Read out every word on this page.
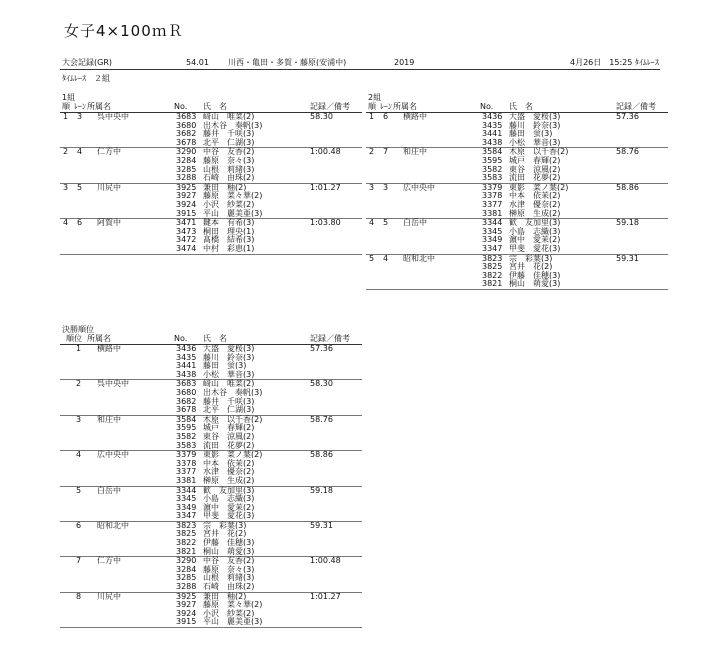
女子4×100ｍＲ
大会記録(GR)	54.01 川西・亀田・多賀・藤原(安浦中)	2019	4月26日　15:25 ﾀｲﾑﾚｰｽ
ﾀｲﾑﾚｰｽ　２組
1組
順 ﾚｰﾝ 所属名	No. 氏　名	記録／備考
1 3 呉中央中	58.30
3683 﨑山　唯菜(2)
3680 出木谷　奏帆(3)
3682 藤井　千咲(3)
3678 北平　仁湖(3)
2 4 仁方中	1:00.48
3290 中谷　友香(2)
3284 藤原　奈々(3)
3285 山根　莉緒(3)
3288 石崎　由珠(2)
3 5 川尻中	1:01.27
3925 兼田　釉(2)
3927 藤原　菜々華(2)
3924 小沢　紗菜(2)
3915 平山　麗美亜(3)
4 6 阿賀中	1:03.80
3471 鍵本　有希(3)
3473 桐田　理央(1)
3472 髙橋　結希(3)
3474 中村　彩恵(1)
2組
順 ﾚｰﾝ 所属名	No. 氏　名	記録／備考
1 6 横路中	57.36
3436 大盛　愛桜(3)
3435 藤川　鈴奈(3)
3441 藤田　蛍(3)
3438 小松　華音(3)
2 7 和庄中	58.76
3584 木原　以千香(2)
3595 城戸　春輝(2)
3582 東谷　涼風(2)
3583 流田　花夢(2)
3 3 広中央中	58.86
3379 東影　菜ノ葉(2)
3378 中本　依茉(2)
3377 水津　優奈(2)
3381 榊原　生成(2)
4 5 白岳中	59.18
3344 歓　友加里(3)
3345 小島　志織(3)
3349 濵中　愛茉(2)
3347 甲斐　愛花(3)
5 4 昭和北中	59.31
3823 宗　彩葉(3)
3825 宮井　花(2)
3822 伊藤　佳穂(3)
3821 桐山　萌愛(3)
決勝順位
順位 所属名	No. 氏　名	記録／備考
1 横路中	57.36
3436 大盛　愛桜(3)
3435 藤川　鈴奈(3)
3441 藤田　蛍(3)
3438 小松　華音(3)
2 呉中央中	58.30
3683 﨑山　唯菜(2)
3680 出木谷　奏帆(3)
3682 藤井　千咲(3)
3678 北平　仁湖(3)
3 和庄中	58.76
3584 木原　以千香(2)
3595 城戸　春輝(2)
3582 東谷　涼風(2)
3583 流田　花夢(2)
4 広中央中	58.86
3379 東影　菜ノ葉(2)
3378 中本　依茉(2)
3377 水津　優奈(2)
3381 榊原　生成(2)
5 白岳中	59.18
3344 歓　友加里(3)
3345 小島　志織(3)
3349 濵中　愛茉(2)
3347 甲斐　愛花(3)
6 昭和北中	59.31
3823 宗　彩葉(3)
3825 宮井　花(2)
3822 伊藤　佳穂(3)
3821 桐山　萌愛(3)
7 仁方中	1:00.48
3290 中谷　友香(2)
3284 藤原　奈々(3)
3285 山根　莉緒(3)
3288 石崎　由珠(2)
8 川尻中	1:01.27
3925 兼田　釉(2)
3927 藤原　菜々華(2)
3924 小沢　紗菜(2)
3915 平山　麗美亜(3)
